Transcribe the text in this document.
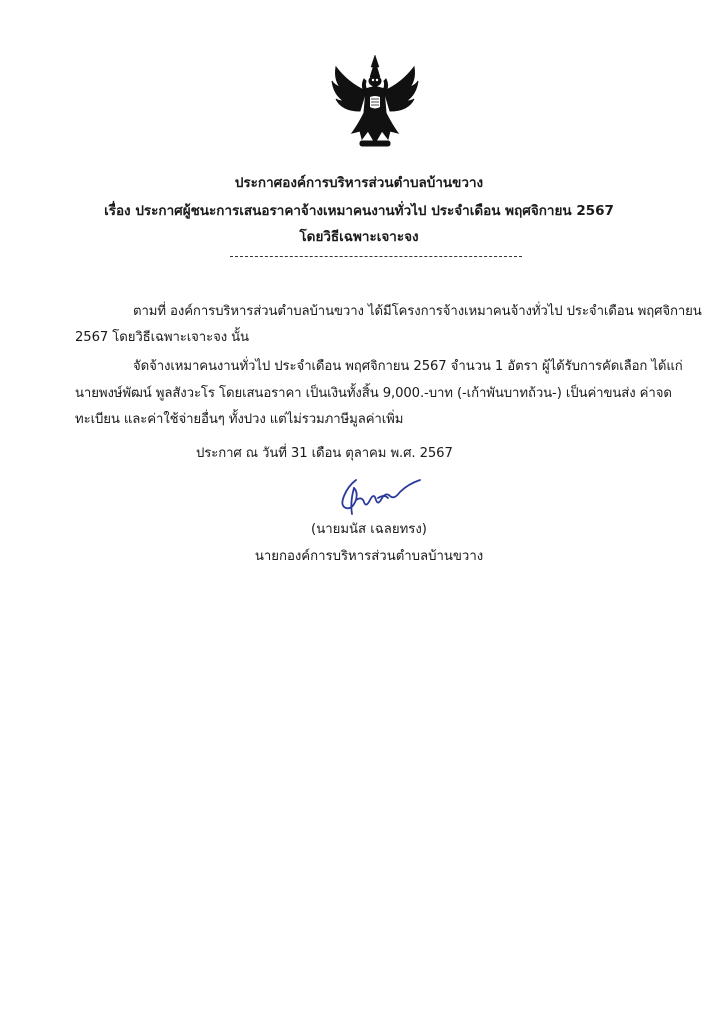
ประกาศองค์การบริหารส่วนตำบลบ้านขวาง
เรื่อง ประกาศผู้ชนะการเสนอราคาจ้างเหมาคนงานทั่วไป ประจำเดือน พฤศจิกายน 2567
โดยวิธีเฉพาะเจาะจง
ตามที่ องค์การบริหารส่วนตำบลบ้านขวาง ได้มีโครงการจ้างเหมาคนจ้างทั่วไป ประจำเดือน พฤศจิกายน
2567 โดยวิธีเฉพาะเจาะจง นั้น
จัดจ้างเหมาคนงานทั่วไป ประจำเดือน พฤศจิกายน 2567 จำนวน 1 อัตรา ผู้ได้รับการคัดเลือก ได้แก่
นายพงษ์พัฒน์ พูลสังวะโร โดยเสนอราคา เป็นเงินทั้งสิ้น 9,000.-บาท (-เก้าพันบาทถ้วน-) เป็นค่าขนส่ง ค่าจด
ทะเบียน และค่าใช้จ่ายอื่นๆ ทั้งปวง แต่ไม่รวมภาษีมูลค่าเพิ่ม
ประกาศ ณ วันที่ 31 เดือน ตุลาคม พ.ศ. 2567
(นายมนัส เฉลยทรง)
นายกองค์การบริหารส่วนตำบลบ้านขวาง
